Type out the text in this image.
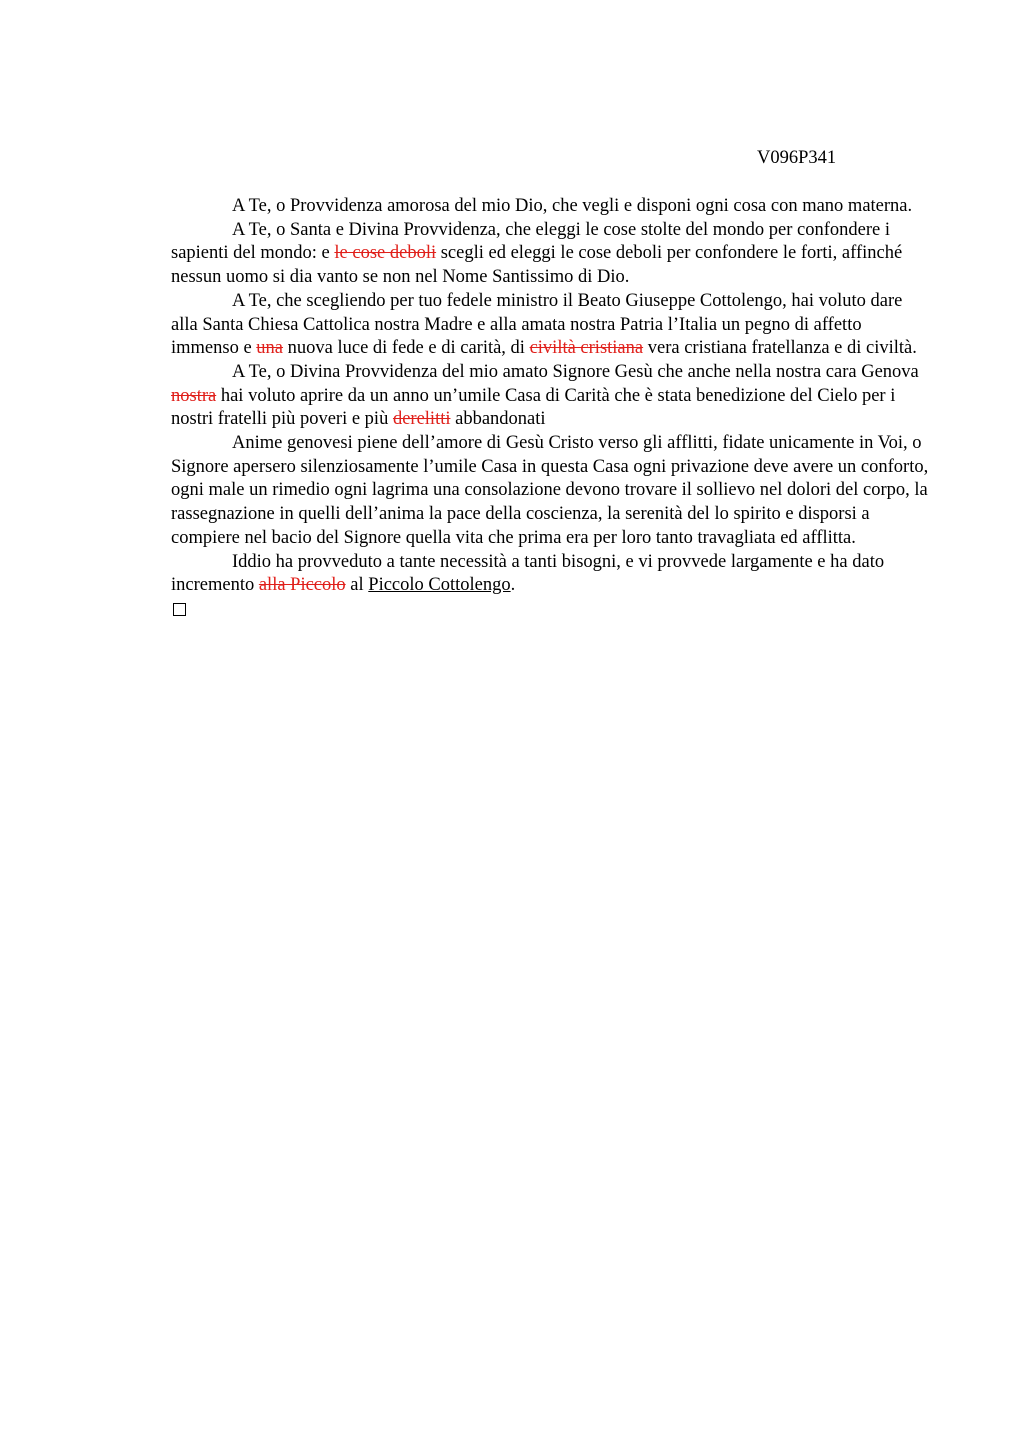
V096P341

A Te, o Provvidenza amorosa del mio Dio, che vegli e disponi ogni cosa con mano materna.

A Te, o Santa e Divina Provvidenza, che eleggi le cose stolte del mondo per confondere i sapienti del mondo: e le cose deboli scegli ed eleggi le cose deboli per confondere le forti, affinché nessun uomo si dia vanto se non nel Nome Santissimo di Dio.

A Te, che scegliendo per tuo fedele ministro il Beato Giuseppe Cottolengo, hai voluto dare alla Santa Chiesa Cattolica nostra Madre e alla amata nostra Patria l’Italia un pegno di affetto immenso e una nuova luce di fede e di carità, di civiltà cristiana vera cristiana fratellanza e di civiltà.

A Te, o Divina Provvidenza del mio amato Signore Gesù che anche nella nostra cara Genova nostra hai voluto aprire da un anno un’umile Casa di Carità che è stata benedizione del Cielo per i nostri fratelli più poveri e più derelitti abbandonati

Anime genovesi piene dell’amore di Gesù Cristo verso gli afflitti, fidate unicamente in Voi, o Signore apersero silenziosamente l’umile Casa in questa Casa ogni privazione deve avere un conforto, ogni male un rimedio ogni lagrima una consolazione devono trovare il sollievo nel dolori del corpo, la rassegnazione in quelli dell’anima la pace della coscienza, la serenità del lo spirito e disporsi a compiere nel bacio del Signore quella vita che prima era per loro tanto travagliata ed afflitta.

Iddio ha provveduto a tante necessità a tanti bisogni, e vi provvede largamente e ha dato incremento alla Piccolo al Piccolo Cottolengo.
